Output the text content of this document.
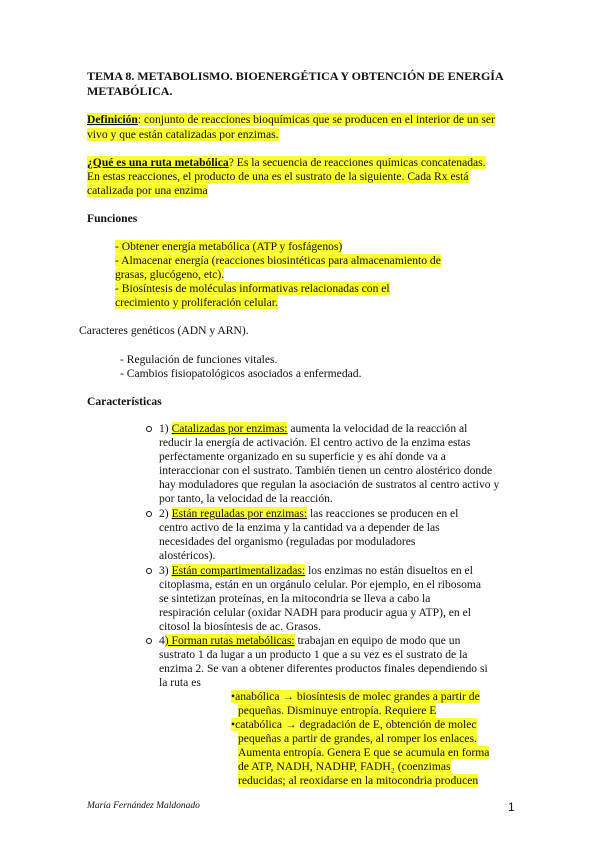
TEMA 8. METABOLISMO. BIOENERGÉTICA Y OBTENCIÓN DE ENERGÍA
METABÓLICA.
Definición: conjunto de reacciones bioquímicas que se producen en el interior de un ser
vivo y que están catalizadas por enzimas.
¿Qué es una ruta metabólica? Es la secuencia de reacciones químicas concatenadas.
En estas reacciones, el producto de una es el sustrato de la siguiente. Cada Rx está
catalizada por una enzima
Funciones
- Obtener energía metabólica (ATP y fosfágenos)
- Almacenar energía (reacciones biosintéticas para almacenamiento de
grasas, glucógeno, etc).
- Biosíntesis de moléculas informativas relacionadas con el
crecimiento y proliferación celular.
Caracteres genéticos (ADN y ARN).
- Regulación de funciones vitales.
- Cambios fisiopatológicos asociados a enfermedad.
Características
1) Catalizadas por enzimas: aumenta la velocidad de la reacción al
reducir la energía de activación. El centro activo de la enzima estas
perfectamente organizado en su superficie y es ahí donde va a
interaccionar con el sustrato. También tienen un centro alostérico donde
hay moduladores que regulan la asociación de sustratos al centro activo y
por tanto, la velocidad de la reacción.
2) Están reguladas por enzimas: las reacciones se producen en el
centro activo de la enzima y la cantidad va a depender de las
necesidades del organismo (reguladas por moduladores
alostéricos).
3) Están compartimentalizadas: los enzimas no están disueltos en el
citoplasma, están en un orgánulo celular. Por ejemplo, en el ribosoma
se sintetizan proteínas, en la mitocondria se lleva a cabo la
respiración celular (oxidar NADH para producir agua y ATP), en el
citosol la biosíntesis de ac. Grasos.
4) Forman rutas metabólicas: trabajan en equipo de modo que un
sustrato 1 da lugar a un producto 1 que a su vez es el sustrato de la
enzima 2. Se van a obtener diferentes productos finales dependiendo si
la ruta es
•anabólica → biosíntesis de molec grandes a partir de
pequeñas. Disminuye entropía. Requiere E
•catabólica → degradación de E, obtención de molec
pequeñas a partir de grandes, al romper los enlaces.
Aumenta entropía. Genera E que se acumula en forma
de ATP, NADH, NADHP, FADH₂ (coenzimas
reducidas; al reoxidarse en la mitocondria producen
María Fernández Maldonado	1
